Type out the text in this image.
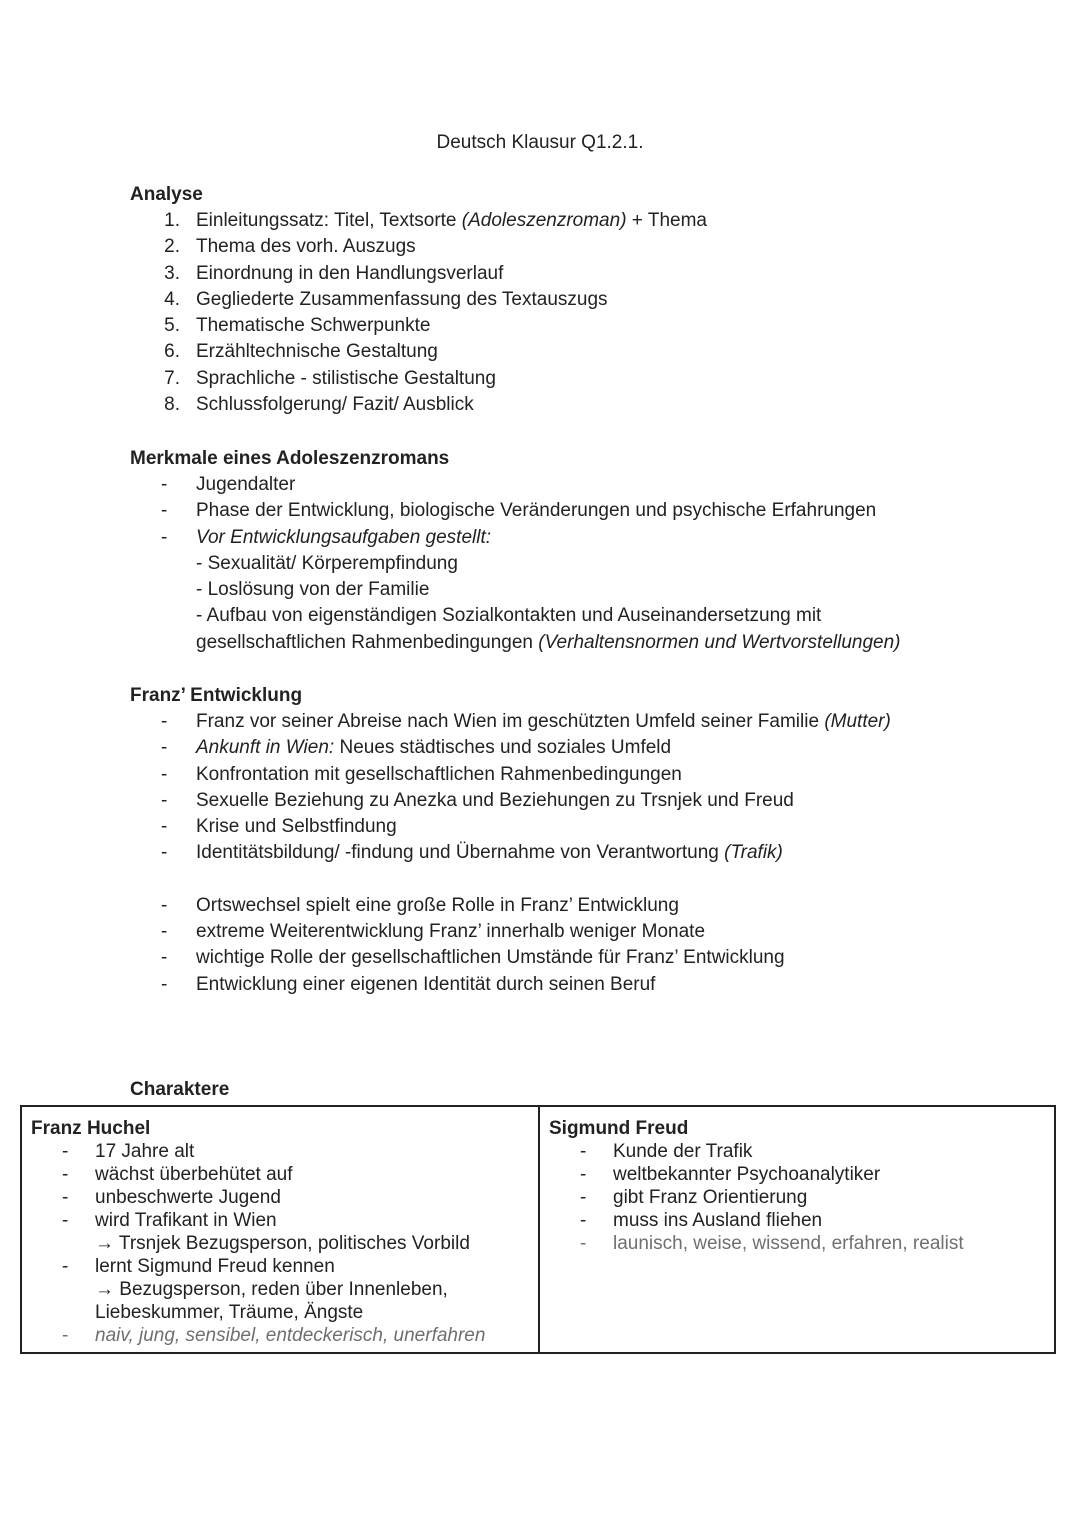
Deutsch Klausur Q1.2.1.
Analyse
1. Einleitungssatz: Titel, Textsorte (Adoleszenzroman) + Thema
2. Thema des vorh. Auszugs
3. Einordnung in den Handlungsverlauf
4. Gegliederte Zusammenfassung des Textauszugs
5. Thematische Schwerpunkte
6. Erzähltechnische Gestaltung
7. Sprachliche - stilistische Gestaltung
8. Schlussfolgerung/ Fazit/ Ausblick
Merkmale eines Adoleszenzromans
-	Jugendalter
-	Phase der Entwicklung, biologische Veränderungen und psychische Erfahrungen
-	Vor Entwicklungsaufgaben gestellt:
- Sexualität/ Körperempfindung
- Loslösung von der Familie
- Aufbau von eigenständigen Sozialkontakten und Auseinandersetzung mit
gesellschaftlichen Rahmenbedingungen (Verhaltensnormen und Wertvorstellungen)
Franz’ Entwicklung
-	Franz vor seiner Abreise nach Wien im geschützten Umfeld seiner Familie (Mutter)
-	Ankunft in Wien: Neues städtisches und soziales Umfeld
-	Konfrontation mit gesellschaftlichen Rahmenbedingungen
-	Sexuelle Beziehung zu Anezka und Beziehungen zu Trsnjek und Freud
-	Krise und Selbstfindung
-	Identitätsbildung/ -findung und Übernahme von Verantwortung (Trafik)
-	Ortswechsel spielt eine große Rolle in Franz’ Entwicklung
-	extreme Weiterentwicklung Franz’ innerhalb weniger Monate
-	wichtige Rolle der gesellschaftlichen Umstände für Franz’ Entwicklung
-	Entwicklung einer eigenen Identität durch seinen Beruf
Charaktere
Franz Huchel
-	17 Jahre alt
-	wächst überbehütet auf
-	unbeschwerte Jugend
-	wird Trafikant in Wien
→ Trsnjek Bezugsperson, politisches Vorbild
-	lernt Sigmund Freud kennen
→ Bezugsperson, reden über Innenleben,
Liebeskummer, Träume, Ängste
-	naiv, jung, sensibel, entdeckerisch, unerfahren
Sigmund Freud
-	Kunde der Trafik
-	weltbekannter Psychoanalytiker
-	gibt Franz Orientierung
-	muss ins Ausland fliehen
-	launisch, weise, wissend, erfahren, realist
